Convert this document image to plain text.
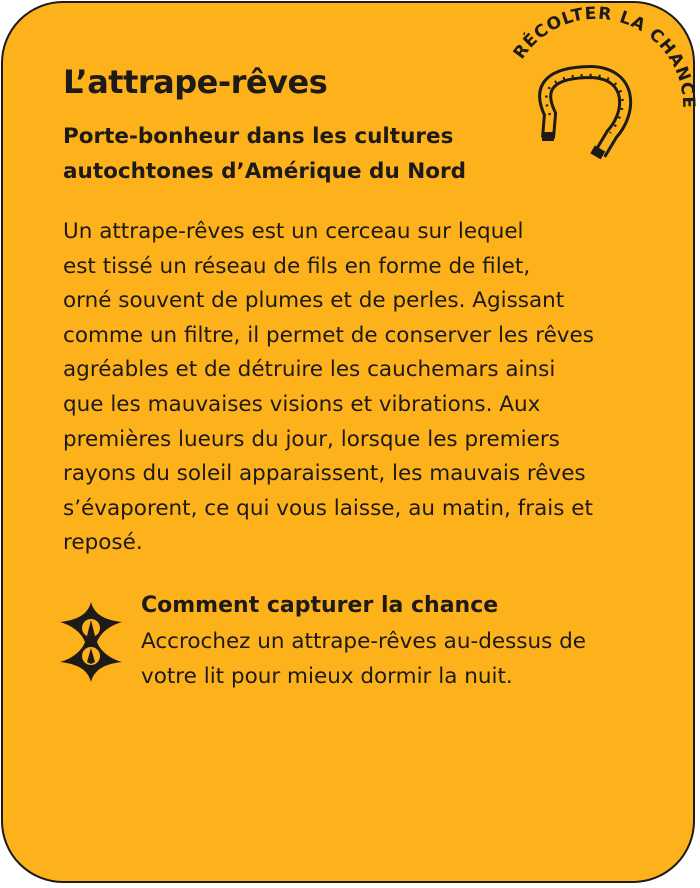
RÉCOLTER LA CHANCE
L’attrape-rêves
Porte-bonheur dans les cultures
autochtones d’Amérique du Nord

Un attrape-rêves est un cerceau sur lequel
est tissé un réseau de fils en forme de filet,
orné souvent de plumes et de perles. Agissant
comme un filtre, il permet de conserver les rêves
agréables et de détruire les cauchemars ainsi
que les mauvaises visions et vibrations. Aux
premières lueurs du jour, lorsque les premiers
rayons du soleil apparaissent, les mauvais rêves
s’évaporent, ce qui vous laisse, au matin, frais et
reposé.

Comment capturer la chance
Accrochez un attrape-rêves au-dessus de
votre lit pour mieux dormir la nuit.
